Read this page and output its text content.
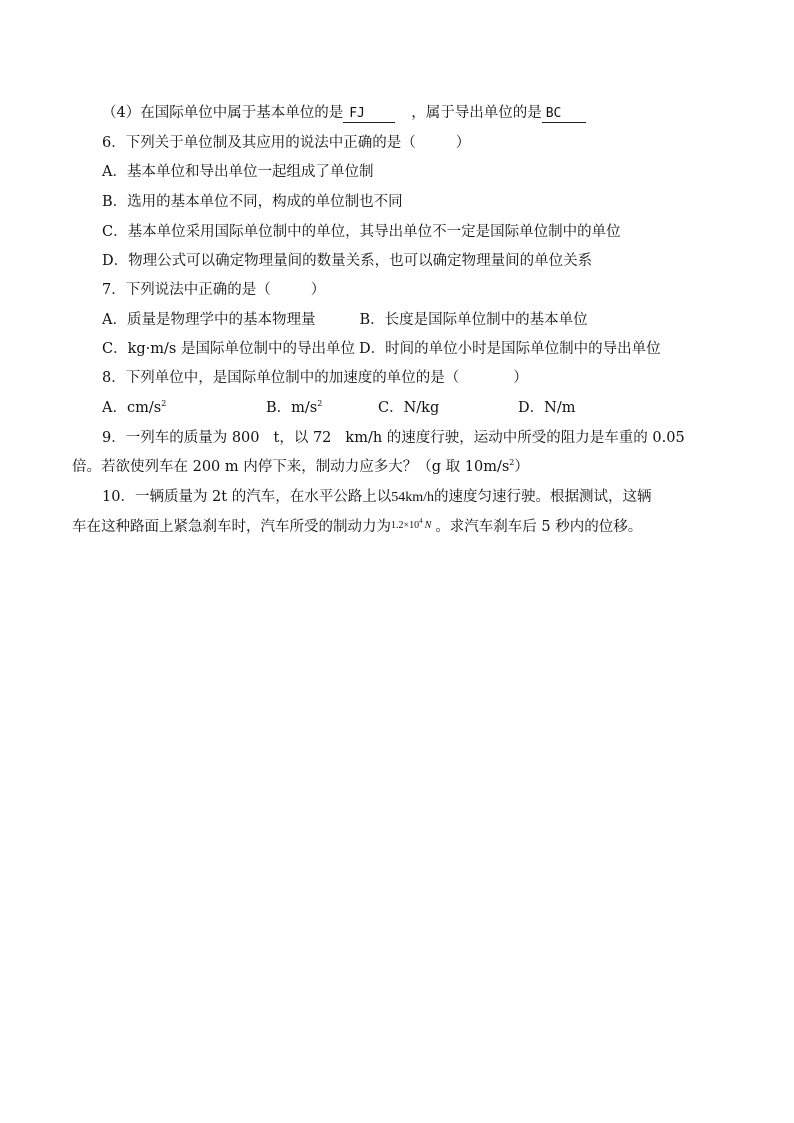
（4）在国际单位中属于基本单位的是 FJ	，属于导出单位的是 BC
6．下列关于单位制及其应用的说法中正确的是（	）
A．基本单位和导出单位一起组成了单位制
B．选用的基本单位不同，构成的单位制也不同
C．基本单位采用国际单位制中的单位，其导出单位不一定是国际单位制中的单位
D．物理公式可以确定物理量间的数量关系，也可以确定物理量间的单位关系
7．下列说法中正确的是（	）
A．质量是物理学中的基本物理量	B．长度是国际单位制中的基本单位
C．kg·m/s 是国际单位制中的导出单位 D．时间的单位小时是国际单位制中的导出单位
8．下列单位中，是国际单位制中的加速度的单位的是（	）
A．$cm/s^2$	B．$m/s^2$	C．N/kg	D．N/m
9．一列车的质量为 800 t，以 72 km/h 的速度行驶，运动中所受的阻力是车重的 0.05
倍。若欲使列车在 200 m 内停下来，制动力应多大？（g 取 $10m/s^2$）
10．一辆质量为 2t 的汽车，在水平公路上以54km/h的速度匀速行驶。根据测试，这辆
车在这种路面上紧急刹车时，汽车所受的制动力为$^{1.2\times 10^4 N}$ 。求汽车刹车后 5 秒内的位移。
